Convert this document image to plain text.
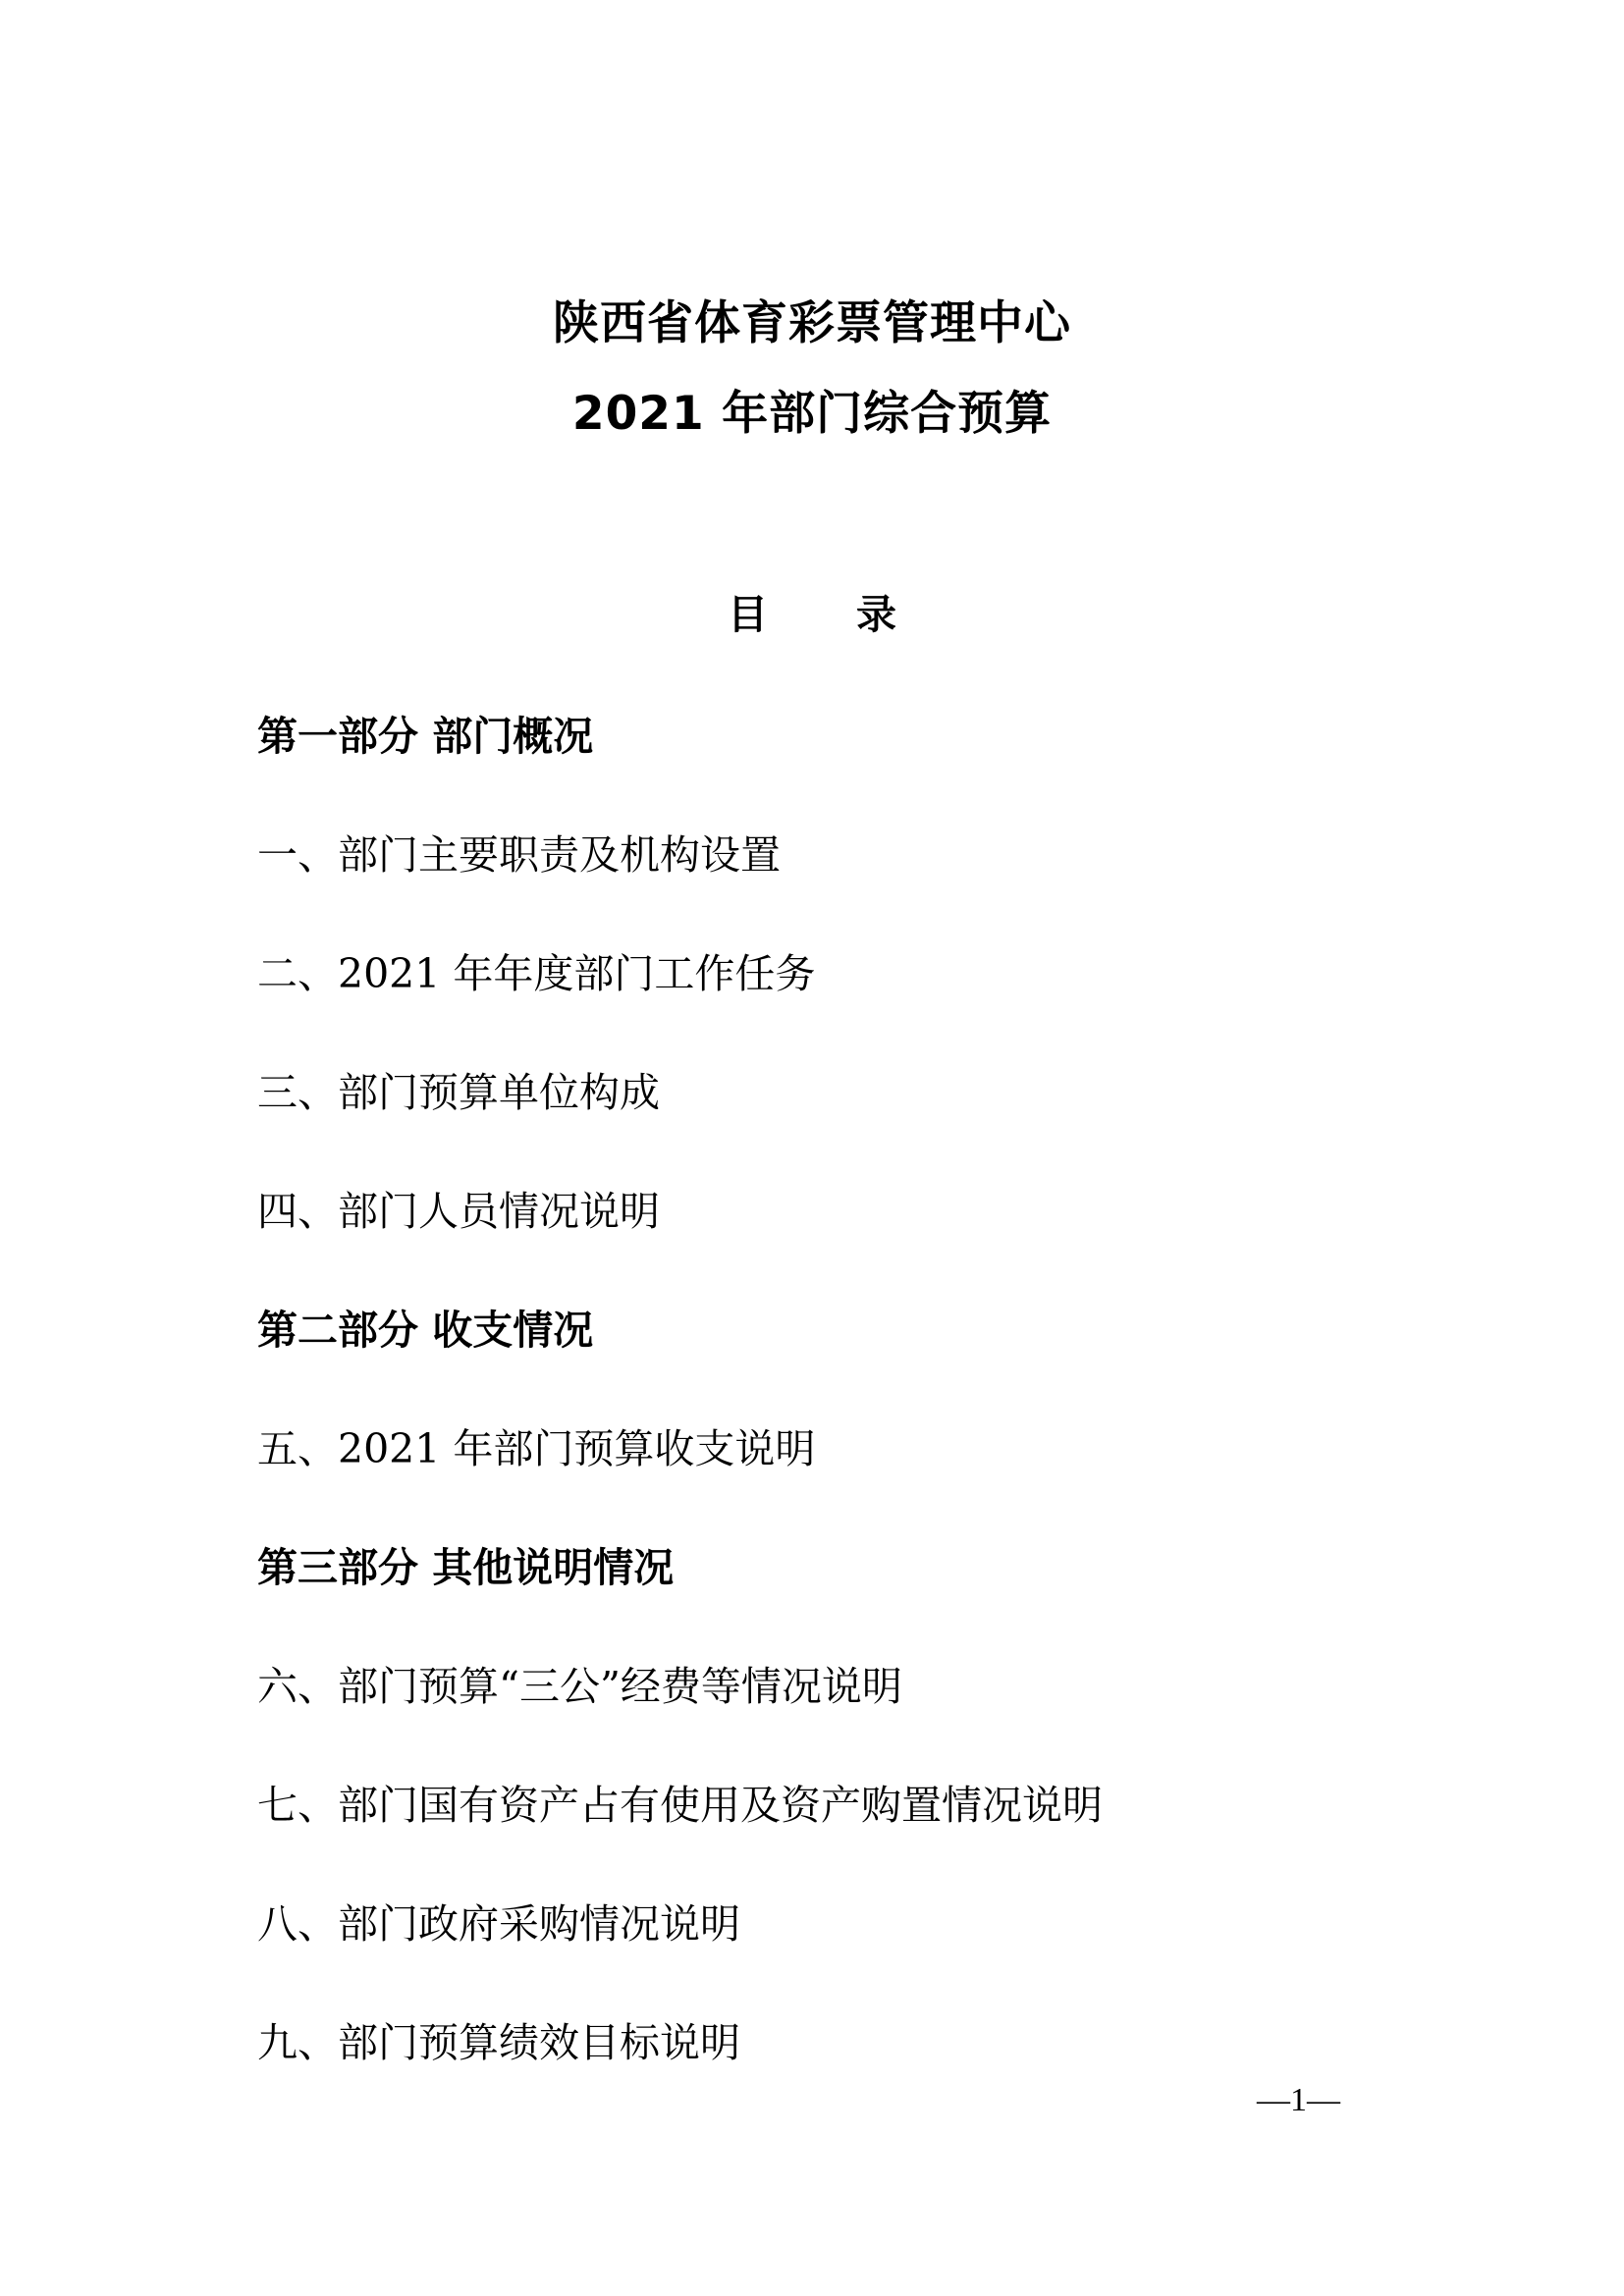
陕西省体育彩票管理中心
2021 年部门综合预算
目 录
第一部分 部门概况
一、部门主要职责及机构设置
二、2021 年年度部门工作任务
三、部门预算单位构成
四、部门人员情况说明
第二部分 收支情况
五、2021 年部门预算收支说明
第三部分 其他说明情况
六、部门预算“三公”经费等情况说明
七、部门国有资产占有使用及资产购置情况说明
八、部门政府采购情况说明
九、部门预算绩效目标说明
—1—
